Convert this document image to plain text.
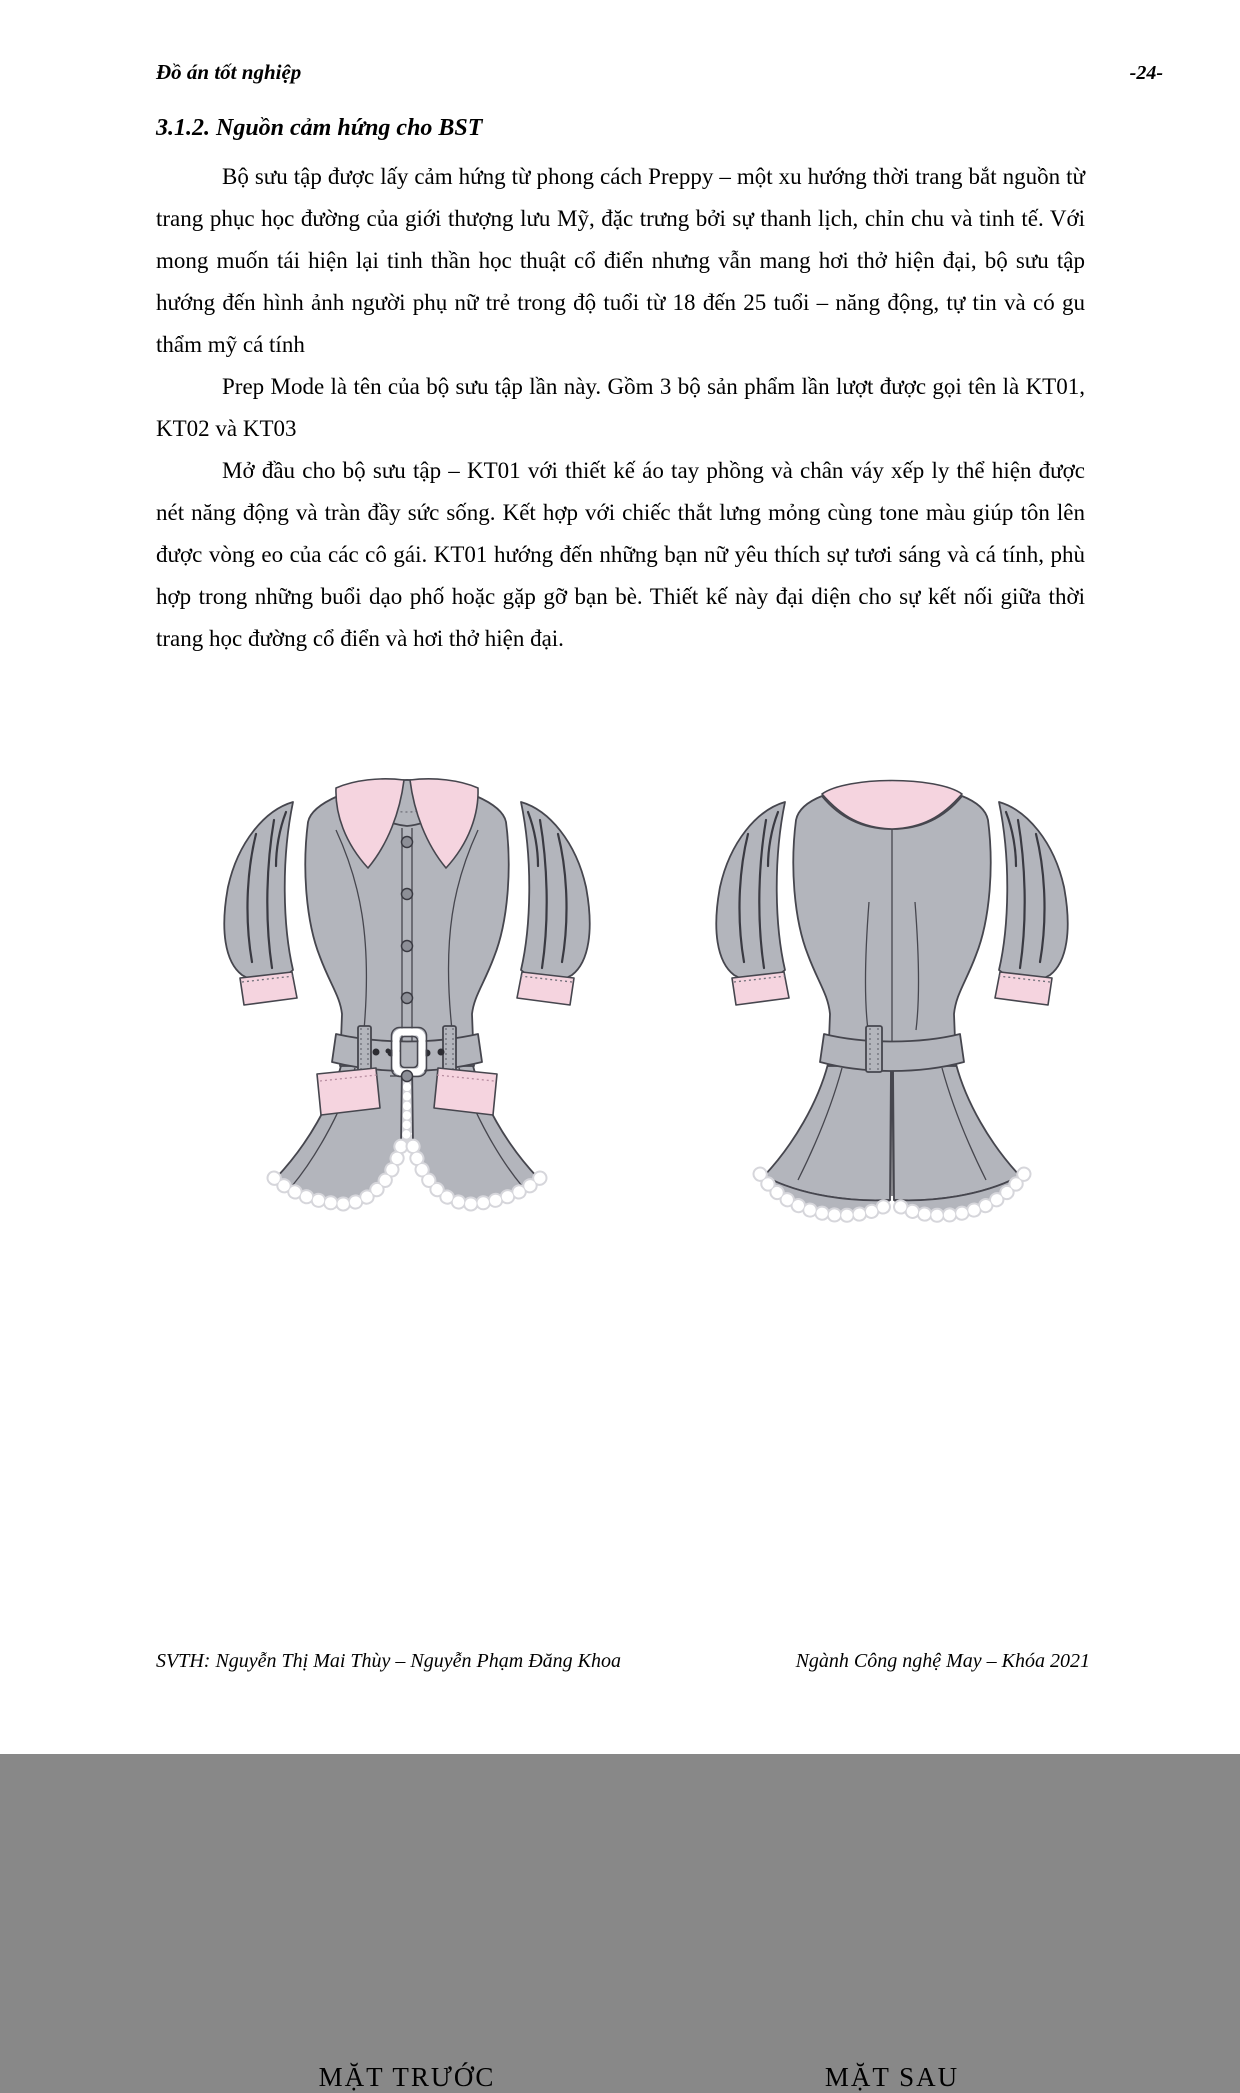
Đồ án tốt nghiệp	-24-
3.1.2. Nguồn cảm hứng cho BST

Bộ sưu tập được lấy cảm hứng từ phong cách Preppy – một xu hướng thời trang bắt nguồn từ trang phục học đường của giới thượng lưu Mỹ, đặc trưng bởi sự thanh lịch, chỉn chu và tinh tế. Với mong muốn tái hiện lại tinh thần học thuật cổ điển nhưng vẫn mang hơi thở hiện đại, bộ sưu tập hướng đến hình ảnh người phụ nữ trẻ trong độ tuổi từ 18 đến 25 tuổi – năng động, tự tin và có gu thẩm mỹ cá tính

Prep Mode là tên của bộ sưu tập lần này. Gồm 3 bộ sản phẩm lần lượt được gọi tên là KT01, KT02 và KT03

Mở đầu cho bộ sưu tập – KT01 với thiết kế áo tay phồng và chân váy xếp ly thể hiện được nét năng động và tràn đầy sức sống. Kết hợp với chiếc thắt lưng mỏng cùng tone màu giúp tôn lên được vòng eo của các cô gái. KT01 hướng đến những bạn nữ yêu thích sự tươi sáng và cá tính, phù hợp trong những buổi dạo phố hoặc gặp gỡ bạn bè. Thiết kế này đại diện cho sự kết nối giữa thời trang học đường cổ điển và hơi thở hiện đại.

MẶT TRƯỚC	MẶT SAU
SVTH: Nguyễn Thị Mai Thùy – Nguyễn Phạm Đăng Khoa	Ngành Công nghệ May – Khóa 2021
